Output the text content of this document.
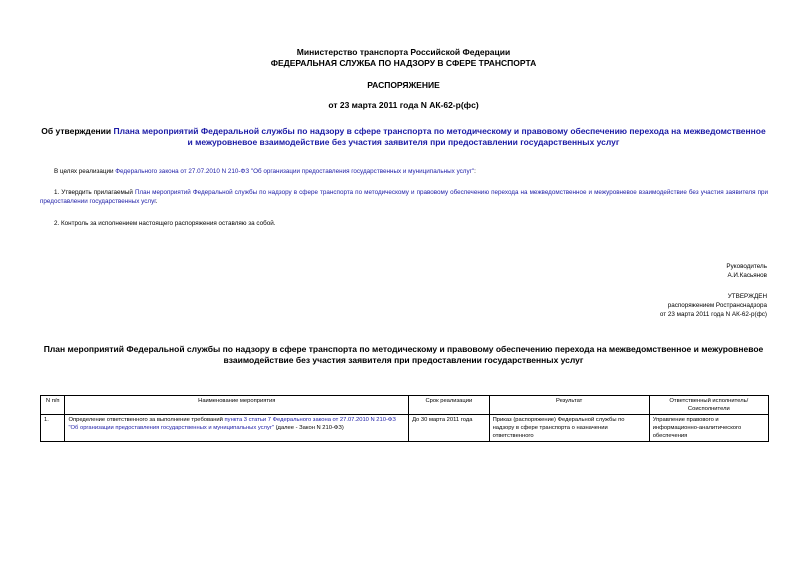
Министерство транспорта Российской Федерации
ФЕДЕРАЛЬНАЯ СЛУЖБА ПО НАДЗОРУ В СФЕРЕ ТРАНСПОРТА
РАСПОРЯЖЕНИЕ
от 23 марта 2011 года N АК-62-р(фс)
Об утверждении Плана мероприятий Федеральной службы по надзору в сфере транспорта по методическому и правовому обеспечению перехода на межведомственное и межуровневое взаимодействие без участия заявителя при предоставлении государственных услуг
В целях реализации Федерального закона от 27.07.2010 N 210-ФЗ "Об организации предоставления государственных и муниципальных услуг":
1. Утвердить прилагаемый План мероприятий Федеральной службы по надзору в сфере транспорта по методическому и правовому обеспечению перехода на межведомственное и межуровневое взаимодействие без участия заявителя при предоставлении государственных услуг.
2. Контроль за исполнением настоящего распоряжения оставляю за собой.
Руководитель
А.И.Касьянов
УТВЕРЖДЕН
распоряжением Ространснадзора
от 23 марта 2011 года N АК-62-р(фс)
План мероприятий Федеральной службы по надзору в сфере транспорта по методическому и правовому обеспечению перехода на межведомственное и межуровневое взаимодействие без участия заявителя при предоставлении государственных услуг
N п/п	Наименование мероприятия	Срок реализации	Результат	Ответственный исполнитель/ Соисполнители
1.	Определение ответственного за выполнение требований пункта 3 статьи 7 Федерального закона от 27.07.2010 N 210-ФЗ "Об организации предоставления государственных и муниципальных услуг" (далее - Закон N 210-ФЗ)	До 30 марта 2011 года	Приказ (распоряжение) Федеральной службы по надзору в сфере транспорта о назначении ответственного	Управление правового и информационно-аналитического обеспечения
